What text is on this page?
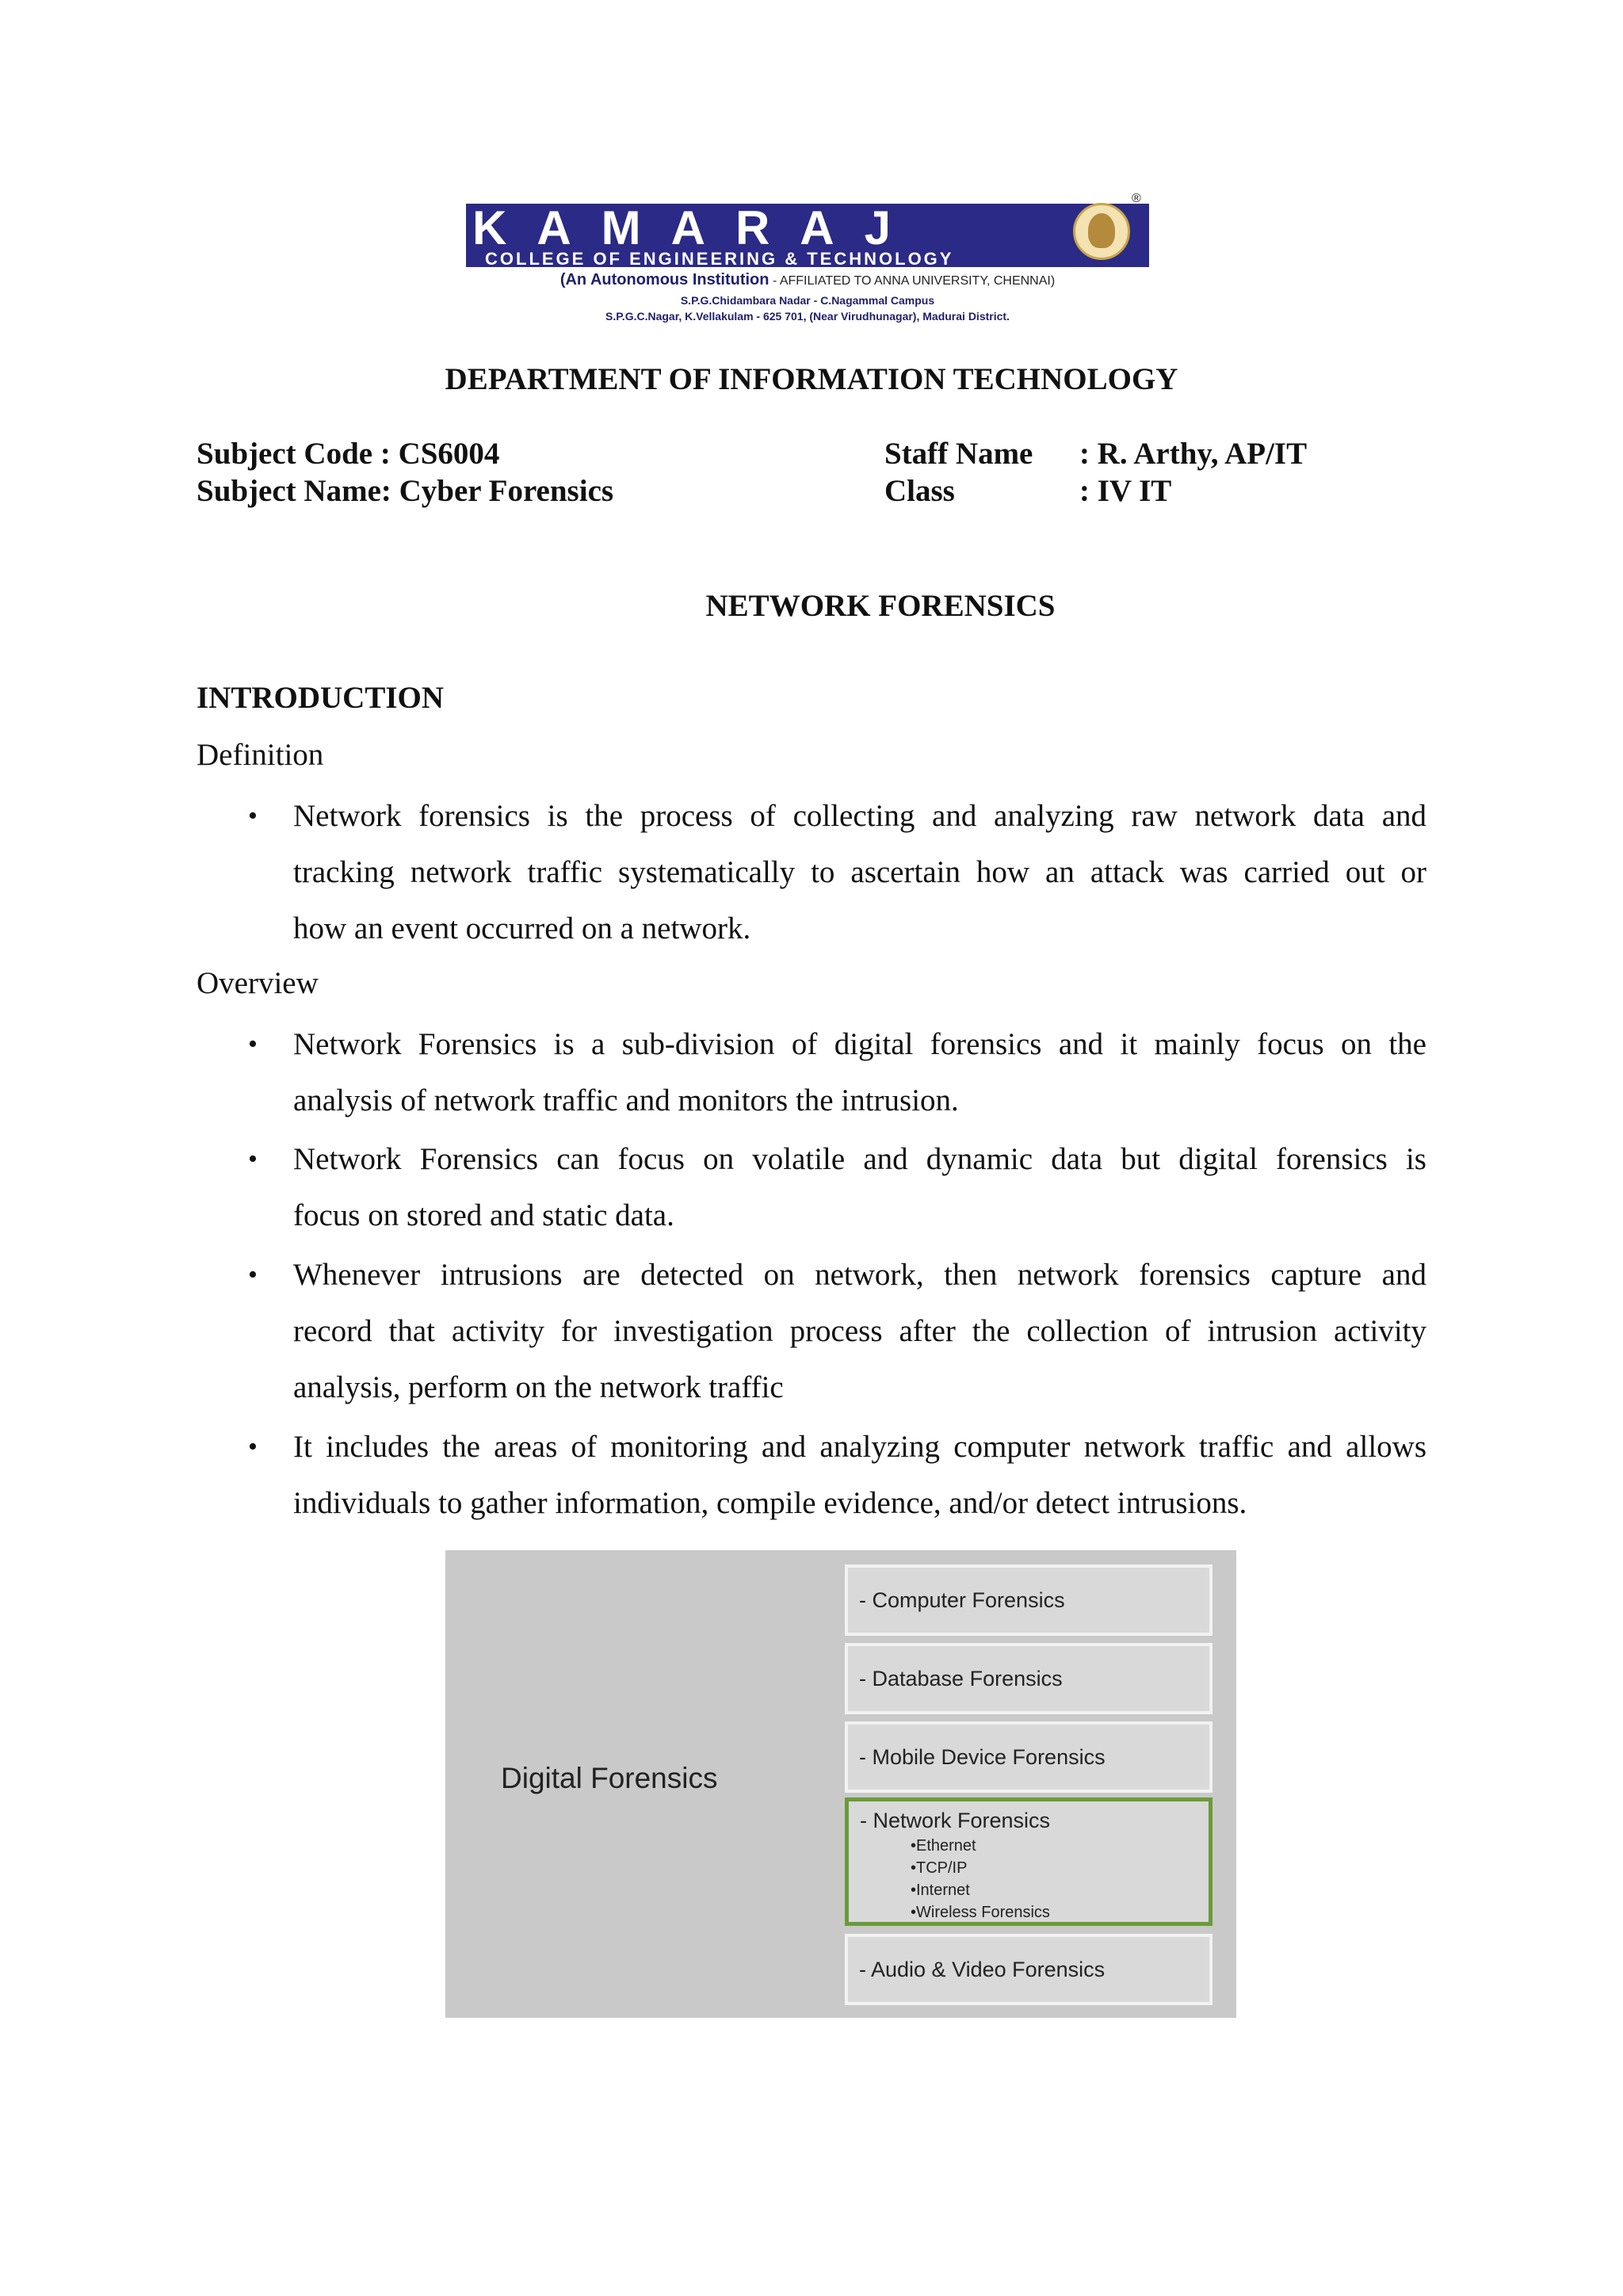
KAMARAJ
COLLEGE OF ENGINEERING & TECHNOLOGY
®
(An Autonomous Institution - AFFILIATED TO ANNA UNIVERSITY, CHENNAI)
S.P.G.Chidambara Nadar - C.Nagammal Campus
S.P.G.C.Nagar, K.Vellakulam - 625 701, (Near Virudhunagar), Madurai District.
DEPARTMENT OF INFORMATION TECHNOLOGY
Subject Code : CS6004
Subject Name: Cyber Forensics
Staff Name : R. Arthy, AP/IT
Class	: IV IT
NETWORK FORENSICS
INTRODUCTION
Definition
• Network forensics is the process of collecting and analyzing raw network data and
tracking network traffic systematically to ascertain how an attack was carried out or
how an event occurred on a network.
Overview
• Network Forensics is a sub-division of digital forensics and it mainly focus on the
analysis of network traffic and monitors the intrusion.
• Network Forensics can focus on volatile and dynamic data but digital forensics is
focus on stored and static data.
• Whenever intrusions are detected on network, then network forensics capture and
record that activity for investigation process after the collection of intrusion activity
analysis, perform on the network traffic
• It includes the areas of monitoring and analyzing computer network traffic and allows
individuals to gather information, compile evidence, and/or detect intrusions.
Digital Forensics
- Computer Forensics
- Database Forensics
- Mobile Device Forensics
- Network Forensics
•Ethernet
•TCP/IP
•Internet
•Wireless Forensics
- Audio & Video Forensics
